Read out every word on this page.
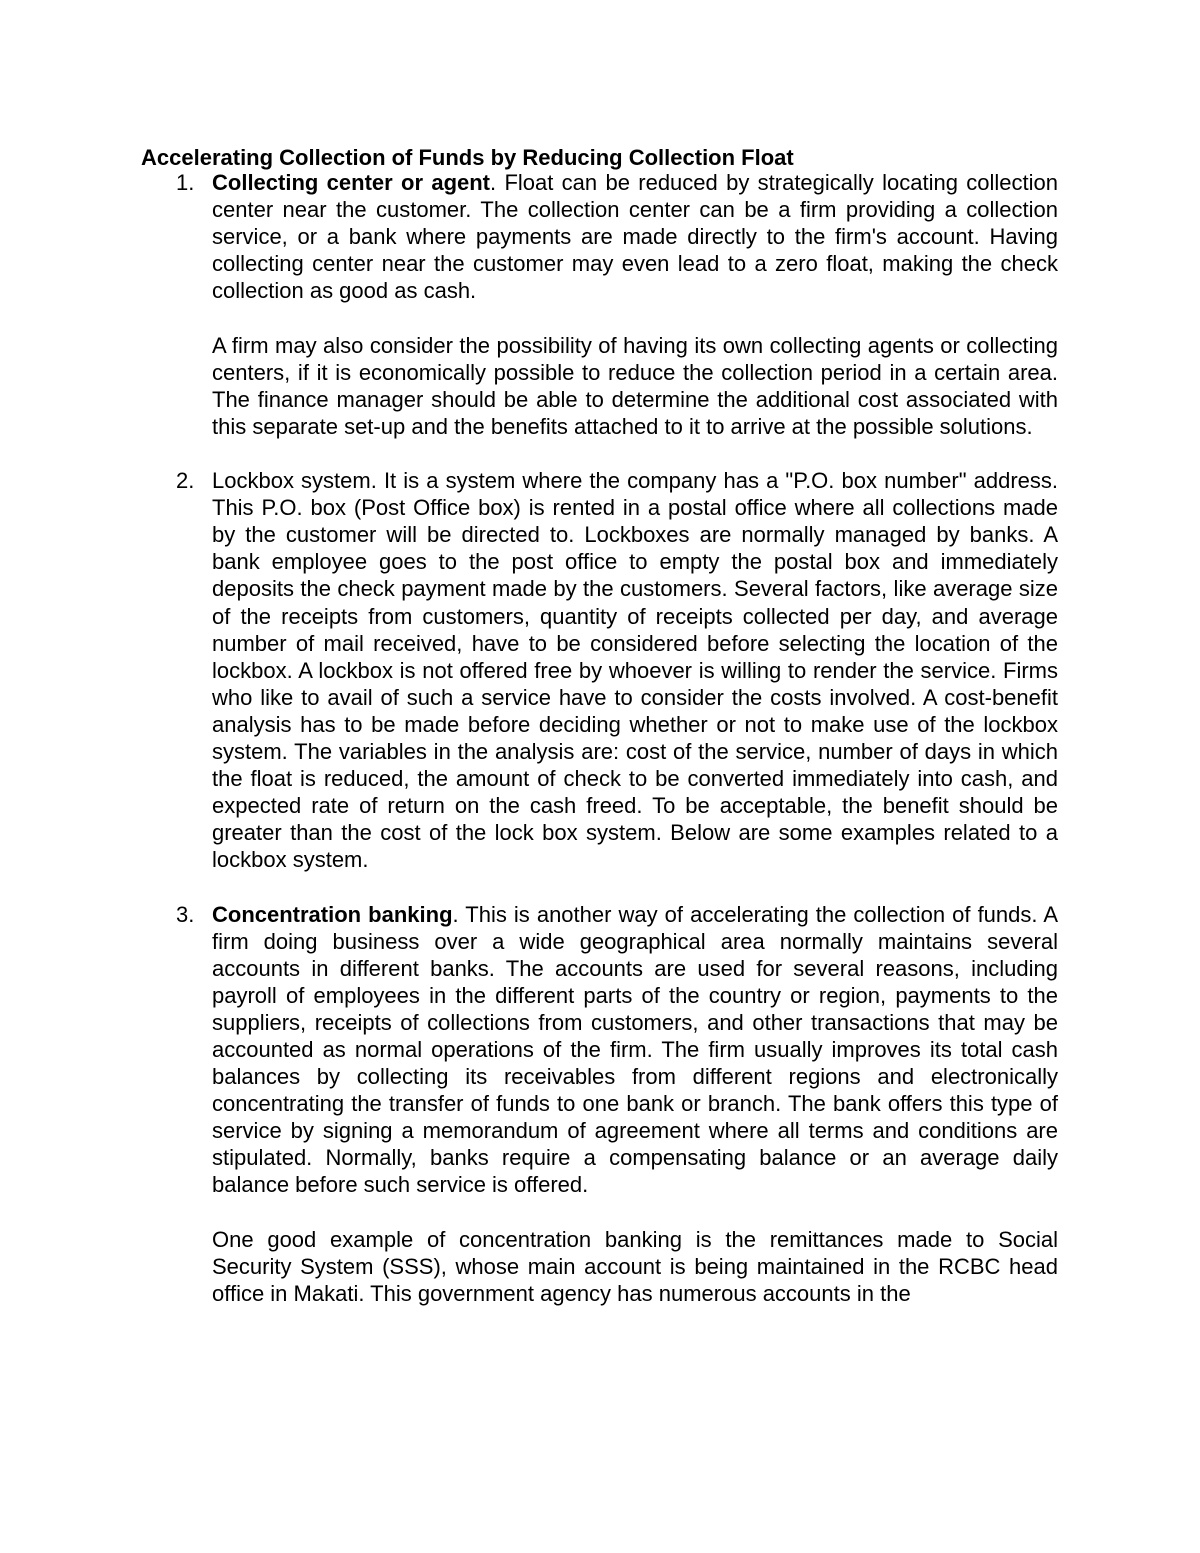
Accelerating Collection of Funds by Reducing Collection Float
1. Collecting center or agent. Float can be reduced by strategically locating collection center near the customer. The collection center can be a firm providing a collection service, or a bank where payments are made directly to the firm's account. Having collecting center near the customer may even lead to a zero float, making the check collection as good as cash.

A firm may also consider the possibility of having its own collecting agents or collecting centers, if it is economically possible to reduce the collection period in a certain area. The finance manager should be able to determine the additional cost associated with this separate set-up and the benefits attached to it to arrive at the possible solutions.

2. Lockbox system. It is a system where the company has a "P.O. box number" address. This P.O. box (Post Office box) is rented in a postal office where all collections made by the customer will be directed to. Lockboxes are normally managed by banks. A bank employee goes to the post office to empty the postal box and immediately deposits the check payment made by the customers. Several factors, like average size of the receipts from customers, quantity of receipts collected per day, and average number of mail received, have to be considered before selecting the location of the lockbox. A lockbox is not offered free by whoever is willing to render the service. Firms who like to avail of such a service have to consider the costs involved. A cost-benefit analysis has to be made before deciding whether or not to make use of the lockbox system. The variables in the analysis are: cost of the service, number of days in which the float is reduced, the amount of check to be converted immediately into cash, and expected rate of return on the cash freed. To be acceptable, the benefit should be greater than the cost of the lock box system. Below are some examples related to a lockbox system.

3. Concentration banking. This is another way of accelerating the collection of funds. A firm doing business over a wide geographical area normally maintains several accounts in different banks. The accounts are used for several reasons, including payroll of employees in the different parts of the country or region, payments to the suppliers, receipts of collections from customers, and other transactions that may be accounted as normal operations of the firm. The firm usually improves its total cash balances by collecting its receivables from different regions and electronically concentrating the transfer of funds to one bank or branch. The bank offers this type of service by signing a memorandum of agreement where all terms and conditions are stipulated. Normally, banks require a compensating balance or an average daily balance before such service is offered.

One good example of concentration banking is the remittances made to Social Security System (SSS), whose main account is being maintained in the RCBC head office in Makati. This government agency has numerous accounts in the
